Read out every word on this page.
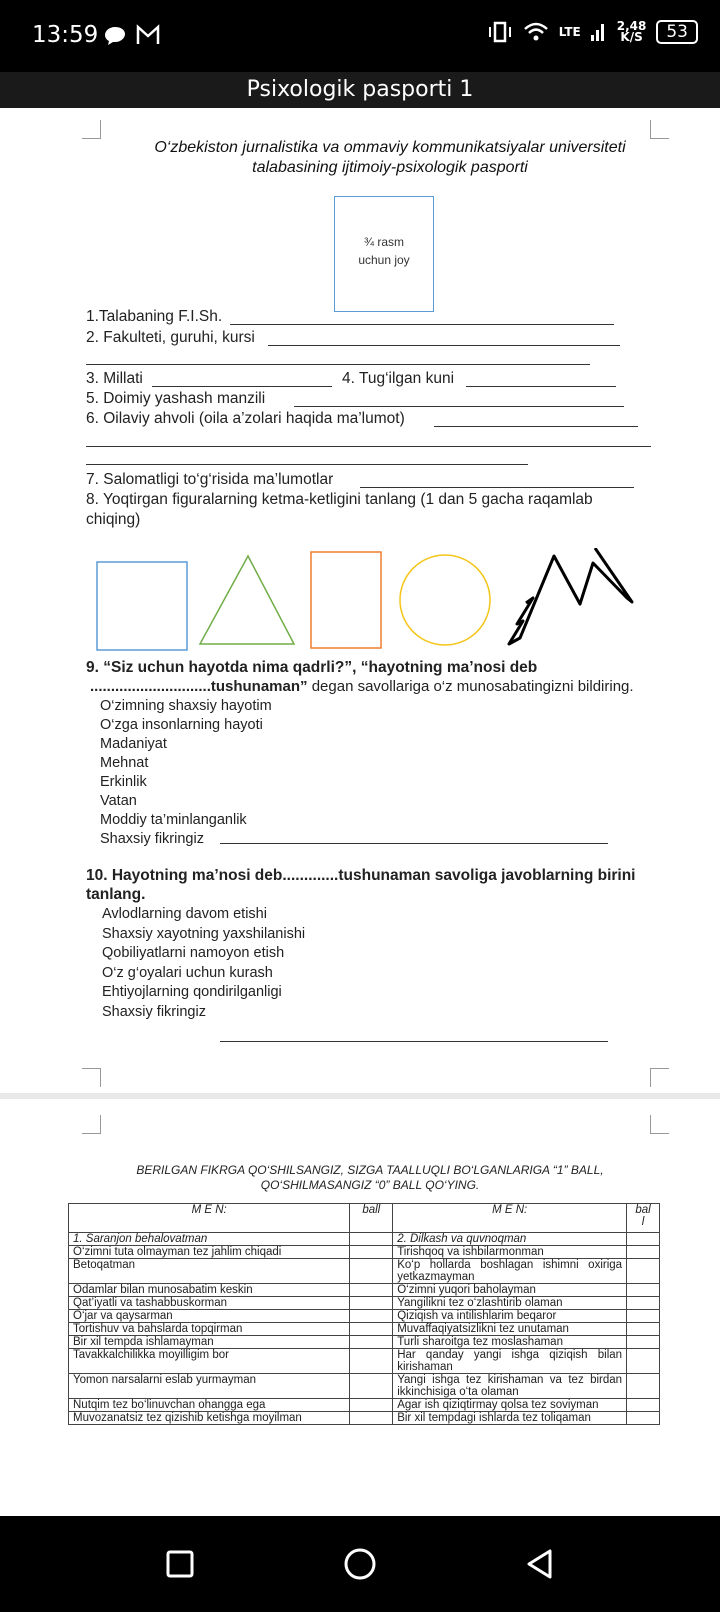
13:59	LTE	2,48
K/S	53
Psixologik pasporti 1
O‘zbekiston jurnalistika va ommaviy kommunikatsiyalar universiteti
talabasining ijtimoiy-psixologik pasporti
¾ rasm
uchun joy
1.Talabaning F.I.Sh.
2. Fakulteti, guruhi, kursi
3. Millati	4. Tug‘ilgan kuni
5. Doimiy yashash manzili
6. Oilaviy ahvoli (oila a’zolari haqida ma’lumot)
7. Salomatligi to‘g‘risida ma’lumotlar
8. Yoqtirgan figuralarning ketma-ketligini tanlang (1 dan 5 gacha raqamlab
chiqing)
9. “Siz uchun hayotda nima qadrli?”, “hayotning ma’nosi deb
.............................tushunaman” degan savollariga o‘z munosabatingizni bildiring.
10. Hayotning ma’nosi deb.............tushunaman savoliga javoblarning birini
tanlang.
O‘zimning shaxsiy hayotim
O‘zga insonlarning hayoti
Madaniyat
Mehnat
Erkinlik
Vatan
Moddiy ta’minlanganlik
Shaxsiy fikringiz
Avlodlarning davom etishi
Shaxsiy xayotning yaxshilanishi
Qobiliyatlarni namoyon etish
O‘z g‘oyalari uchun kurash
Ehtiyojlarning qondirilganligi
Shaxsiy fikringiz
BERILGAN FIKRGA QO‘SHILSANGIZ, SIZGA TAALLUQLI BO‘LGANLARIGA “1” BALL,
QO‘SHILMASANGIZ “0” BALL QO‘YING.
M E N:	ball	M E N:	bal
l

1. Saranjon behalovatman		2. Dilkash va quvnoqman	
O‘zimni tuta olmayman tez jahlim chiqadi		Tirishqoq va ishbilarmonman	
Betoqatman		Ko‘p hollarda boshlagan ishimni oxiriga yetkazmayman	
Odamlar bilan munosabatim keskin		O‘zimni yuqori baholayman	
Qat’iyatli va tashabbuskorman		Yangilikni tez o‘zlashtirib olaman	
O‘jar va qaysarman		Qiziqish va intilishlarim beqaror	
Tortishuv va bahslarda topqirman		Muvaffaqiyatsizlikni tez unutaman	
Bir xil tempda ishlamayman		Turli sharoitga tez moslashaman	
Tavakkalchilikka moyilligim bor		Har qanday yangi ishga qiziqish bilan kirishaman	
Yomon narsalarni eslab yurmayman		Yangi ishga tez kirishaman va tez birdan ikkinchisiga o‘ta olaman	
Nutqim tez bo‘linuvchan ohangga ega		Agar ish qiziqtirmay qolsa tez soviyman	
Muvozanatsiz tez qizishib ketishga moyilman		Bir xil tempdagi ishlarda tez toliqaman	
